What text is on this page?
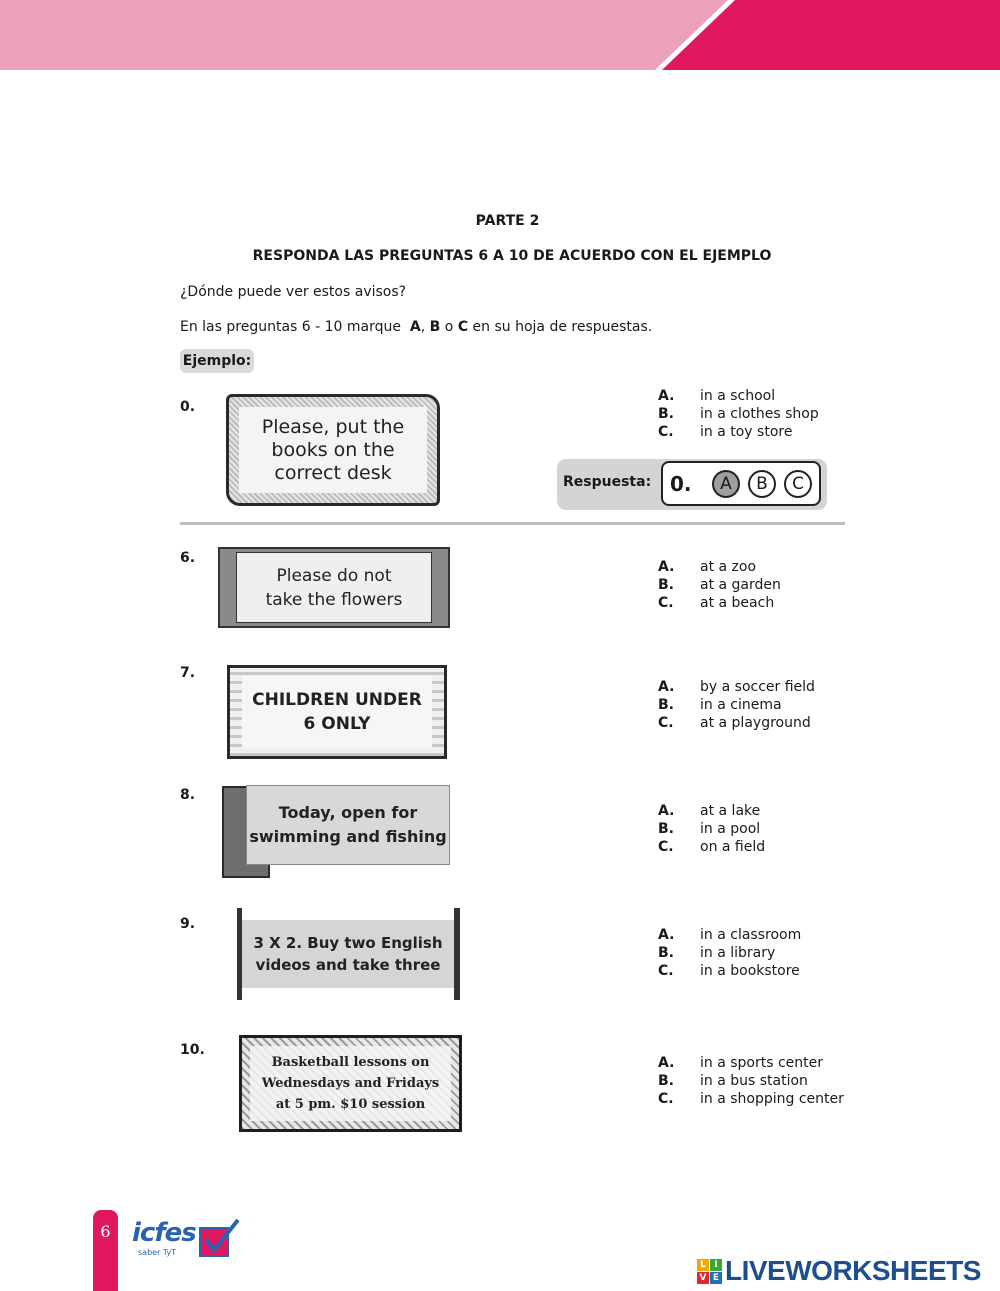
PARTE 2
RESPONDA LAS PREGUNTAS 6 A 10 DE ACUERDO CON EL EJEMPLO
¿Dónde puede ver estos avisos?
En las preguntas 6 - 10 marque A, B o C en su hoja de respuestas.
Ejemplo:
0.
Please, put the
books on the
correct desk
A.	in a school
B.	in a clothes shop
C.	in a toy store
Respuesta: 0.	A	B	C
6.
Please do not
take the flowers
A.	at a zoo
B.	at a garden
C.	at a beach
7.
CHILDREN UNDER
6 ONLY
A.	by a soccer field
B.	in a cinema
C.	at a playground
8.
Today, open for
swimming and fishing
A.	at a lake
B.	in a pool
C.	on a field
9.
3 X 2. Buy two English
videos and take three
A.	in a classroom
B.	in a library
C.	in a bookstore
10.
Basketball lessons on
Wednesdays and Fridays
at 5 pm. $10 session
A.	in a sports center
B.	in a bus station
C.	in a shopping center
6 icfes
saber TyT
L I
V E LIVEWORKSHEETS
